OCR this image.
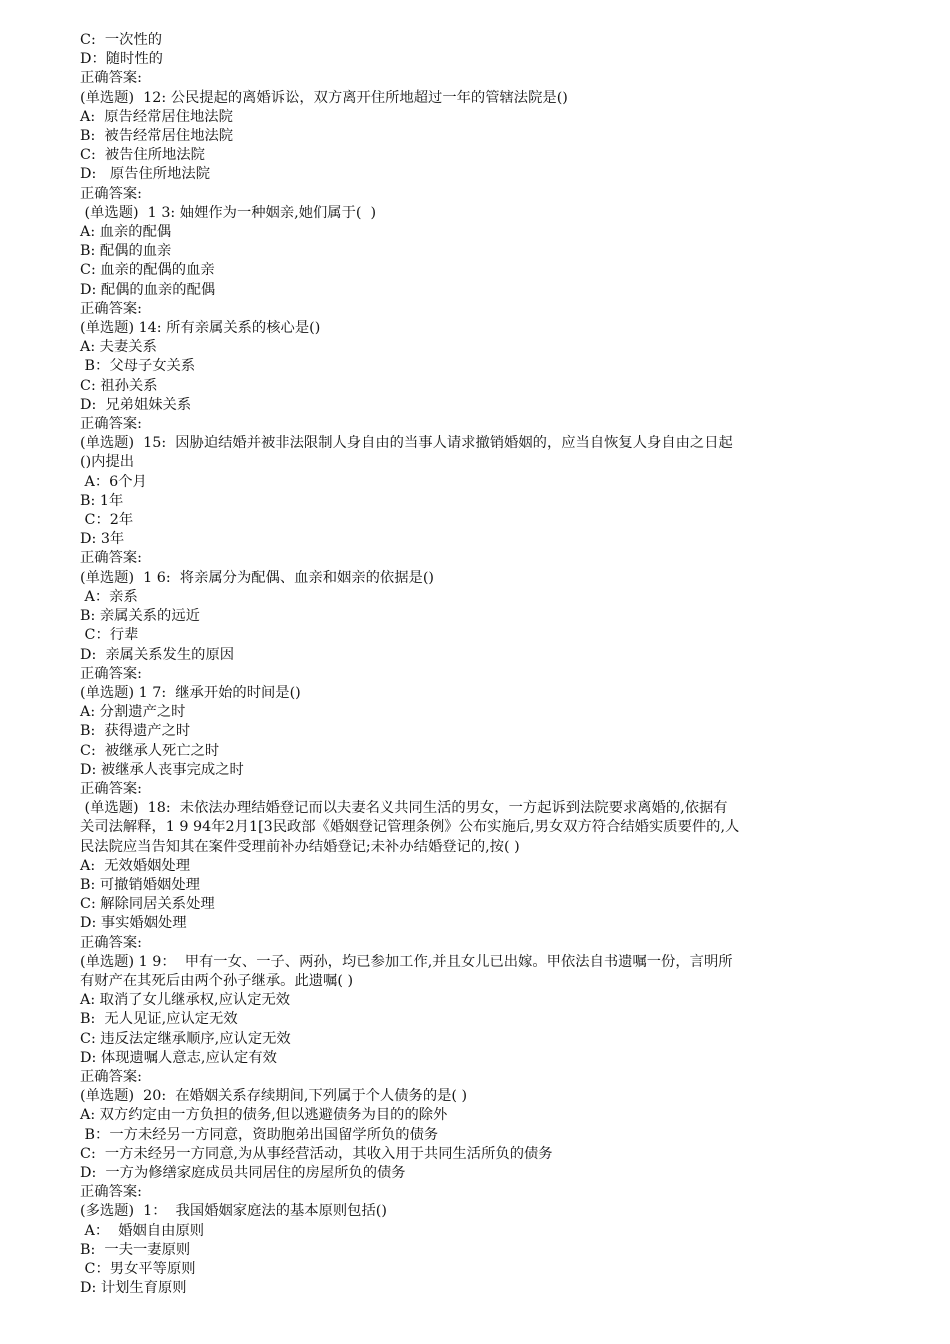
C:  一次性的
D：随时性的
正确答案:
(单选题)  12: 公民提起的离婚诉讼，双方离开住所地超过一年的管辖法院是()
A:  原告经常居住地法院
B:  被告经常居住地法院
C:  被告住所地法院
D:   原告住所地法院
正确答案:
(单选题)  1 3: 妯娌作为一种姻亲,她们属于(  )
A: 血亲的配偶
B: 配偶的血亲
C: 血亲的配偶的血亲
D: 配偶的血亲的配偶
正确答案:
(单选题) 14: 所有亲属关系的核心是()
A: 夫妻关系
B：父母子女关系
C: 祖孙关系
D:  兄弟姐妹关系
正确答案:
(单选题)  15:  因胁迫结婚并被非法限制人身自由的当事人请求撤销婚姻的，应当自恢复人身自由之日起
()内提出
A：6个月
B: 1年
C：2年
D: 3年
正确答案:
(单选题)  1 6:  将亲属分为配偶、血亲和姻亲的依据是()
A：亲系
B: 亲属关系的远近
C：行辈
D:  亲属关系发生的原因
正确答案:
(单选题) 1 7:  继承开始的时间是()
A: 分割遗产之时
B:  获得遗产之时
C:  被继承人死亡之时
D: 被继承人丧事完成之时
正确答案:
(单选题)  18:  未依法办理结婚登记而以夫妻名义共同生活的男女，一方起诉到法院要求离婚的,依据有
关司法解释，1 9 94年2月1[3民政部《婚姻登记管理条例》公布实施后,男女双方符合结婚实质要件的,人
民法院应当告知其在案件受理前补办结婚登记;未补办结婚登记的,按( )
A:  无效婚姻处理
B: 可撤销婚姻处理
C: 解除同居关系处理
D: 事实婚姻处理
正确答案:
(单选题) 1 9：  甲有一女、一子、两孙，均已参加工作,并且女儿已出嫁。甲依法自书遗嘱一份，言明所
有财产在其死后由两个孙子继承。此遗嘱( )
A: 取消了女儿继承权,应认定无效
B:  无人见证,应认定无效
C: 违反法定继承顺序,应认定无效
D: 体现遗嘱人意志,应认定有效
正确答案:
(单选题)  20:  在婚姻关系存续期间,下列属于个人债务的是( )
A: 双方约定由一方负担的债务,但以逃避债务为目的的除外
B：一方未经另一方同意，资助胞弟出国留学所负的债务
C:  一方未经另一方同意,为从事经营活动，其收入用于共同生活所负的债务
D:  一方为修缮家庭成员共同居住的房屋所负的债务
正确答案:
(多选题)  1：  我国婚姻家庭法的基本原则包括()
A：  婚姻自由原则
B:  一夫一妻原则
C：男女平等原则
D: 计划生育原则
